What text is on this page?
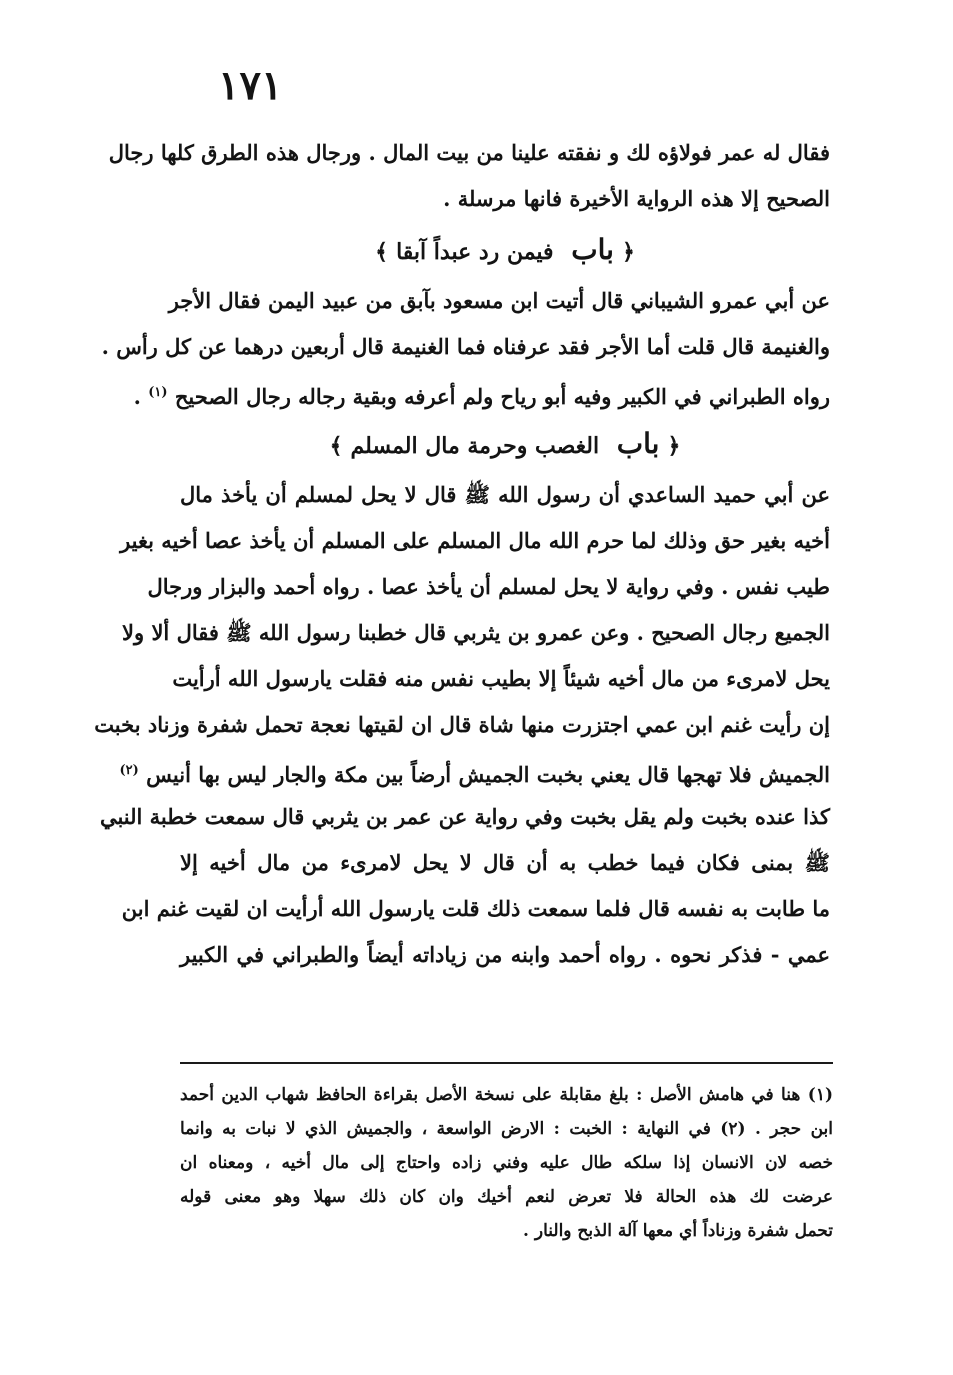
١٧١
فقال له عمر فولاؤه لك و نفقته علينا من بيت المال . ورجال هذه الطرق كلها رجال
الصحيح إلا هذه الرواية الأخيرة فانها مرسلة .
﴿باب فيمن رد عبداً آبقا﴾
عن أبي عمرو الشيباني قال أتيت ابن مسعود بآبق من عبيد اليمن فقال الأجر
والغنيمة قال قلت أما الأجر فقد عرفناه فما الغنيمة قال أربعين درهما عن كل رأس .
رواه الطبراني في الكبير وفيه أبو رياح ولم أعرفه وبقية رجاله رجال الصحيح $^{(١)}$ .
﴿باب الغصب وحرمة مال المسلم﴾
عن أبي حميد الساعدي أن رسول الله ﷺ قال لا يحل لمسلم أن يأخذ مال
أخيه بغير حق وذلك لما حرم الله مال المسلم على المسلم أن يأخذ عصا أخيه بغير
طيب نفس . وفي رواية لا يحل لمسلم أن يأخذ عصا . رواه أحمد والبزار ورجال
الجميع رجال الصحيح . وعن عمرو بن يثربي قال خطبنا رسول الله ﷺ فقال ألا ولا
يحل لامرىء من مال أخيه شيئاً إلا بطيب نفس منه فقلت يارسول الله أرأيت
إن رأيت غنم ابن عمي اجتزرت منها شاة قال ان لقيتها نعجة تحمل شفرة وزناد بخبت
الجميش فلا تهجها قال يعني بخبت الجميش أرضاً بين مكة والجار ليس بها أنيس $^{(٢)}$
كذا عنده بخبت ولم يقل بخبت وفي رواية عن عمر بن يثربي قال سمعت خطبة النبي
ﷺ بمنى فكان فيما خطب به أن قال لا يحل لامرىء من مال أخيه إلا
ما طابت به نفسه قال فلما سمعت ذلك قلت يارسول الله أرأيت ان لقيت غنم ابن
عمي - فذكر نحوه . رواه أحمد وابنه من زياداته أيضاً والطبراني في الكبير
(١) هنا في هامش الأصل : بلغ مقابلة على نسخة الأصل بقراءة الحافظ شهاب الدين أحمد
ابن حجر . (٢) في النهاية : الخبت : الارض الواسعة ، والجميش الذي لا نبات به وانما
خصه لان الانسان إذا سلكه طال عليه وفني زاده واحتاج إلى مال أخيه ، ومعناه ان
عرضت لك هذه الحالة فلا تعرض لنعم أخيك وان كان ذلك سهلا وهو معنى قوله
تحمل شفرة وزناداً أي معها آلة الذبح والنار .
